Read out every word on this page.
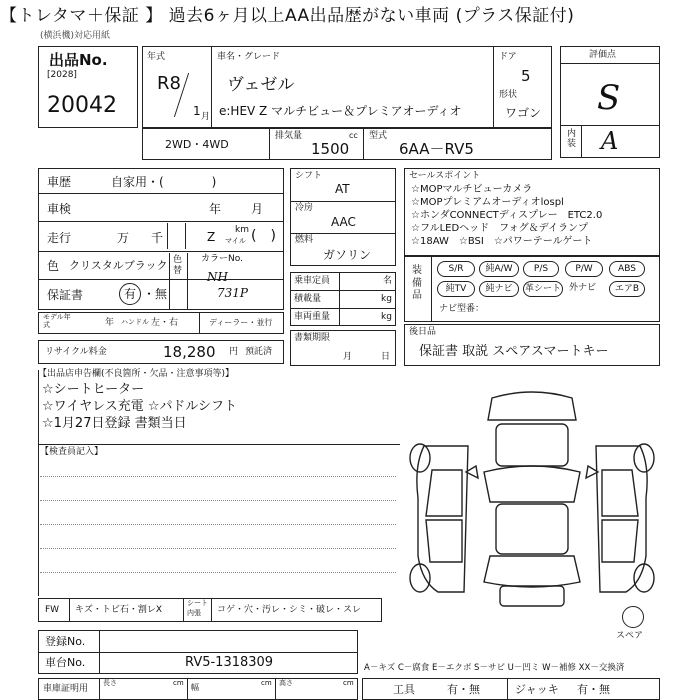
【トレタマ＋保証 】 過去6ヶ月以上AA出品歴がない車両 (プラス保証付)
(横浜機)対応用紙
出品No.
[2028]
20042
年式
R8
1 月
車名・グレード
ヴェゼル
e:HEV Z マルチビュー＆プレミアオーディオ
ドア
5
形状
ワゴン
2WD・4WD
排気量	cc
1500
型式
6AA－RV5
評価点
S
内装 A
車歴	自家用・(　　　　)
車検	年 月
走行	万 千
km
マイル
Z	(　)
色 クリスタルブラック 色替
カラーNo.
NH
731P
保証書	有 ・ 無
モデル年式	年 ハンドル 左・右	ディーラー・並行
リサイクル料金	18,280 円 預託済
シフト
AT
冷房
AAC
燃料
ガソリン
乗車定員	名
積載量	kg
車両重量	kg
書類期限
月	日
セールスポイント
☆MOPマルチビューカメラ
☆MOPプレミアムオーディオlospl
☆ホンダCONNECTディスプレー　ETC2.0
☆フルLEDヘッド　フォグ＆デイランプ
☆18AW　☆BSI　☆パワーテールゲート
装備品
S/R	純A/W	P/S	P/W	ABS
純TV	純ナビ	革シート 外ナビ	エアB
ナビ型番：
後日品
保証書 取説 スペアスマートキー
【出品店申告欄(不良箇所・欠品・注意事項等)】
☆シートヒーター
☆ワイヤレス充電 ☆パドルシフト
☆1月27日登録 書類当日
【検査員記入】
スペア
FW キズ・トビ石・割レX
シート
内張 コゲ・穴・汚レ・シミ・破レ・スレ
登録No.
車台No.	RV5-1318309
車庫証明用
長さ	cm 幅	cm 高さ	cm
A－キズ C－腐食 E－エクボ S－サビ U－凹ミ W－補修 XX－交換済
工具	有・無	ジャッキ 有・無
